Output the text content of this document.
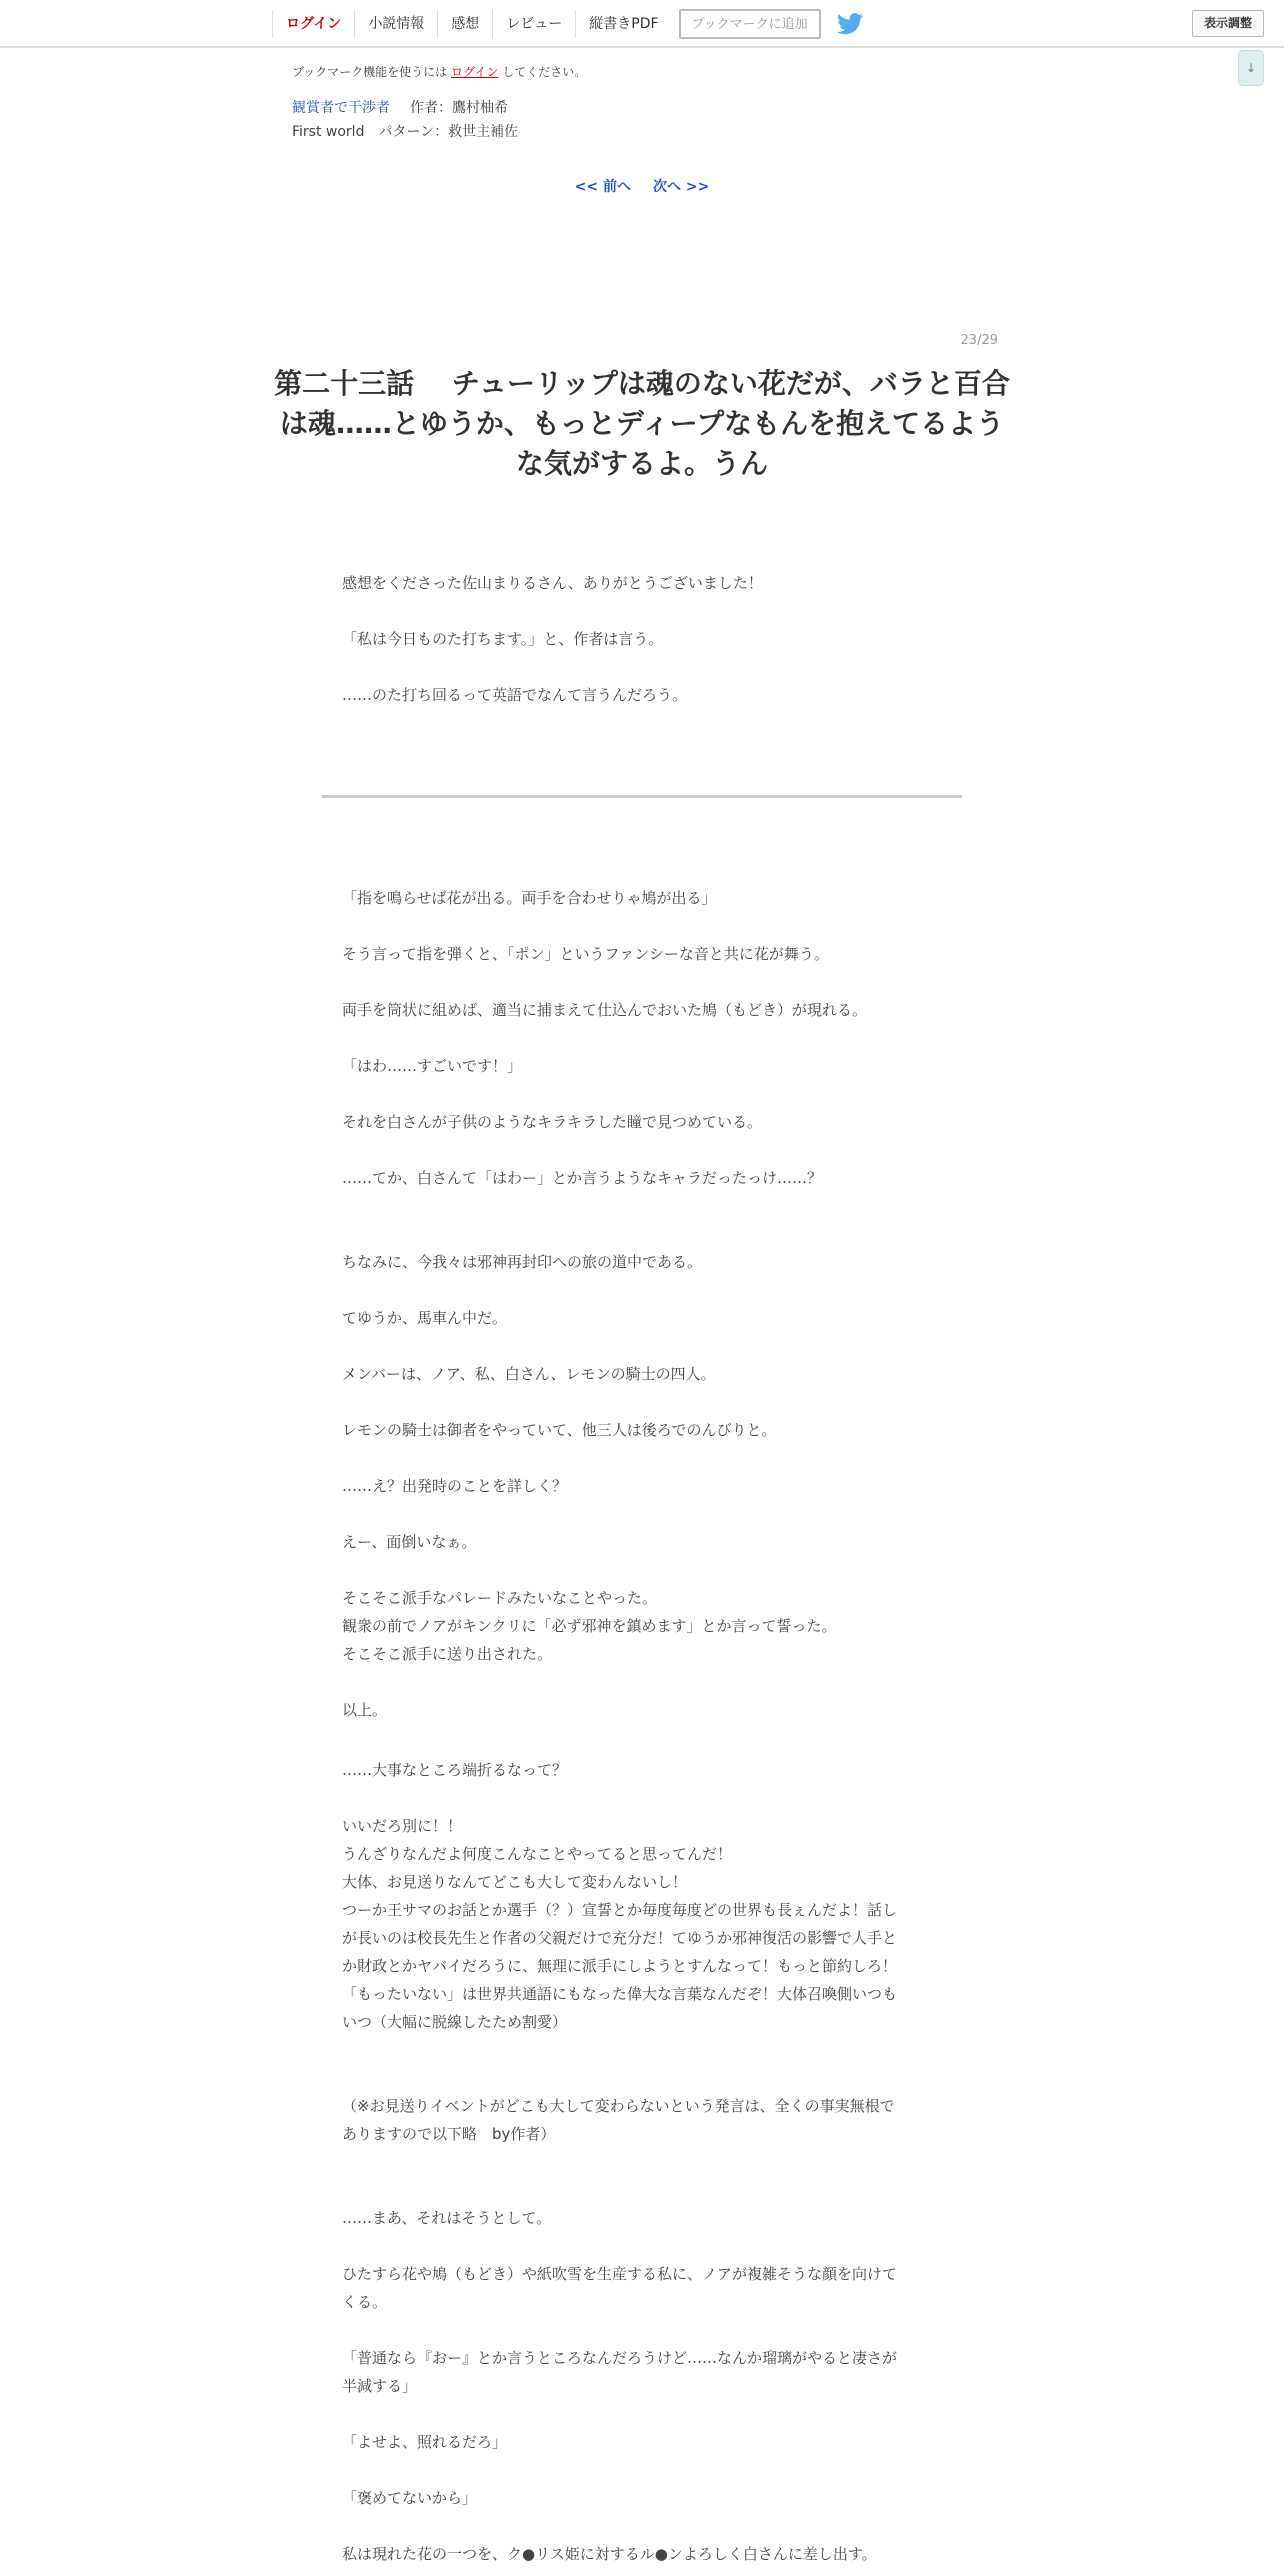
ログイン	小説情報	感想	レビュー	縦書きPDF	ブックマークに追加	表示調整
↓
ブックマーク機能を使うには ログイン してください。
観賞者で干渉者 作者：鷹村柚希
First world　パターン：救世主補佐
<< 前へ 次へ >>
23/29
第二十三話　 チューリップは魂のない花だが、バラと百合
は魂……とゆうか、もっとディープなもんを抱えてるよう
な気がするよ。うん
感想をくださった佐山まりるさん、ありがとうございました！
「私は今日ものた打ちます。」と、作者は言う。
……のた打ち回るって英語でなんて言うんだろう。
「指を鳴らせば花が出る。両手を合わせりゃ鳩が出る」
そう言って指を弾くと、「ポン」というファンシーな音と共に花が舞う。
両手を筒状に組めば、適当に捕まえて仕込んでおいた鳩（もどき）が現れる。
「はわ……すごいです！」
それを白さんが子供のようなキラキラした瞳で見つめている。
……てか、白さんて「はわー」とか言うようなキャラだったっけ……？
ちなみに、今我々は邪神再封印への旅の道中である。
てゆうか、馬車ん中だ。
メンバーは、ノア、私、白さん、レモンの騎士の四人。
レモンの騎士は御者をやっていて、他三人は後ろでのんびりと。
……え？出発時のことを詳しく？
えー、面倒いなぁ。
そこそこ派手なパレードみたいなことやった。
観衆の前でノアがキンクリに「必ず邪神を鎮めます」とか言って誓った。
そこそこ派手に送り出された。
以上。
……大事なところ端折るなって？
いいだろ別に！！
うんざりなんだよ何度こんなことやってると思ってんだ！
大体、お見送りなんてどこも大して変わんないし！
つーか王サマのお話とか選手（？）宣誓とか毎度毎度どの世界も長ぇんだよ！話し
が長いのは校長先生と作者の父親だけで充分だ！てゆうか邪神復活の影響で人手と
か財政とかヤバイだろうに、無理に派手にしようとすんなって！もっと節約しろ！
「もったいない」は世界共通語にもなった偉大な言葉なんだぞ！大体召喚側いつも
いつ（大幅に脱線したため割愛）
（※お見送りイベントがどこも大して変わらないという発言は、全くの事実無根で
ありますので以下略　by作者）
……まあ、それはそうとして。
ひたすら花や鳩（もどき）や紙吹雪を生産する私に、ノアが複雑そうな顔を向けて
くる。
「普通なら『おー』とか言うところなんだろうけど……なんか瑠璃がやると凄さが
半減する」
「よせよ、照れるだろ」
「褒めてないから」
私は現れた花の一つを、ク●リス姫に対するル●ンよろしく白さんに差し出す。
